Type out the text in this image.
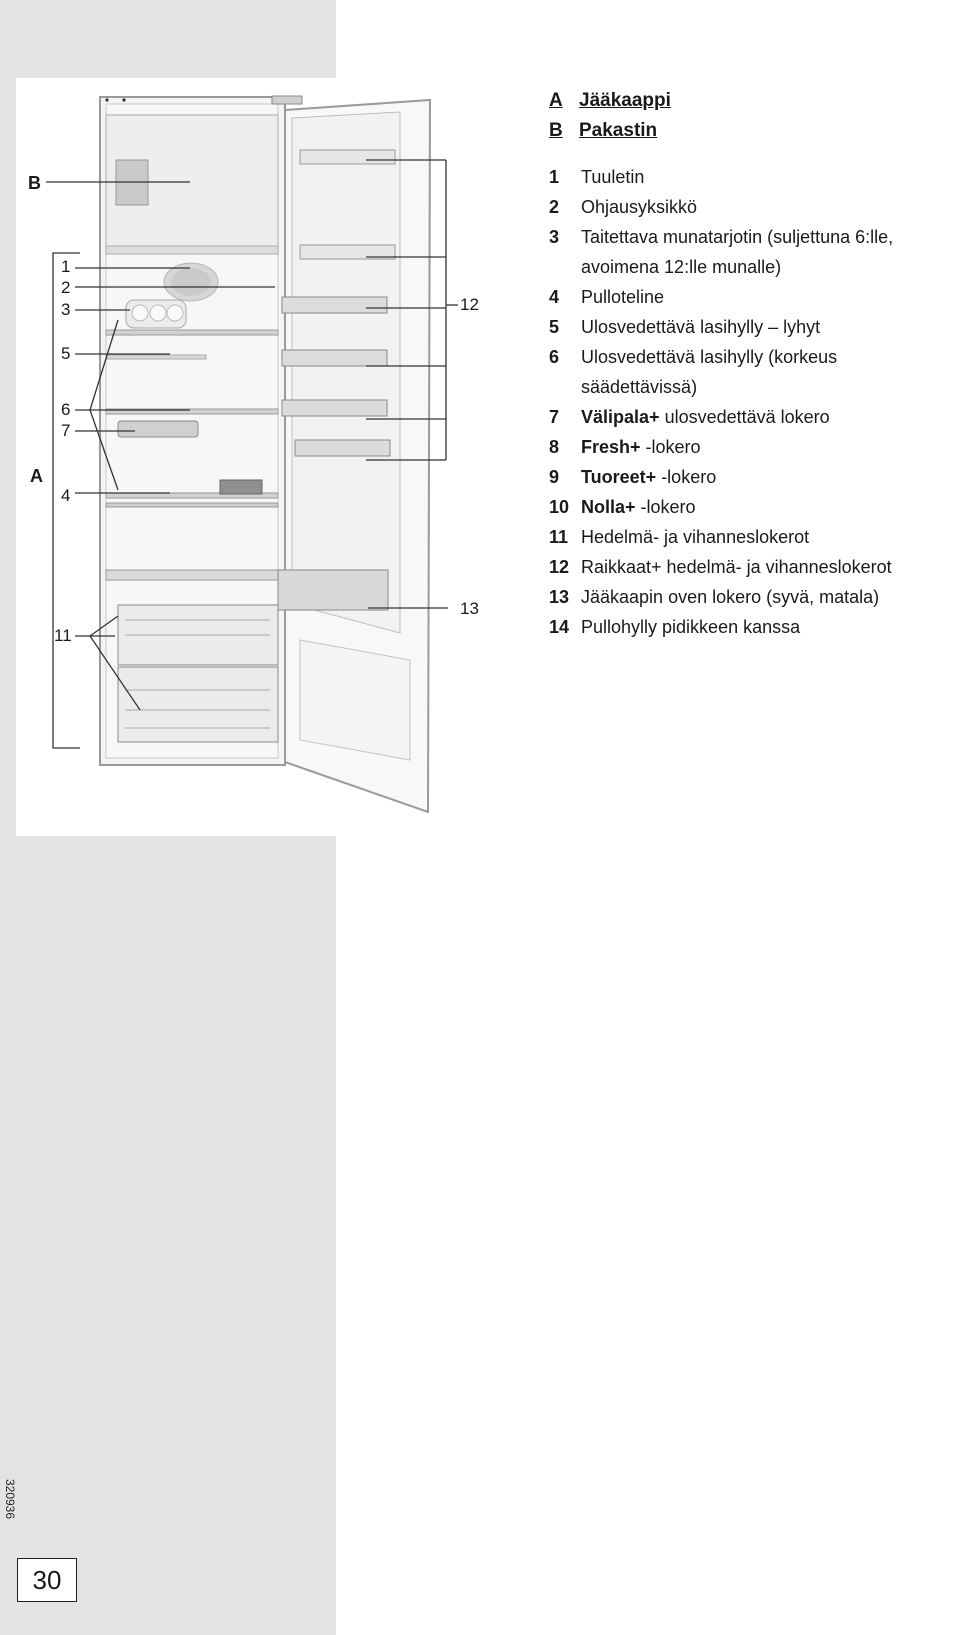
B
A
1
2
3
5
6
7
4
11
12
13
A Jääkaappi
B Pakastin
1 Tuuletin
2 Ohjausyksikkö
3 Taitettava munatarjotin (suljettuna 6:lle,
avoimena 12:lle munalle)
4 Pulloteline
5 Ulosvedettävä lasihylly – lyhyt
6 Ulosvedettävä lasihylly (korkeus
säädettävissä)
7 Välipala+ ulosvedettävä lokero
8 Fresh+ -lokero
9 Tuoreet+ -lokero
10 Nolla+ -lokero
11 Hedelmä- ja vihanneslokerot
12 Raikkaat+ hedelmä- ja vihanneslokerot
13 Jääkaapin oven lokero (syvä, matala)
14 Pullohylly pidikkeen kanssa
320936
30
